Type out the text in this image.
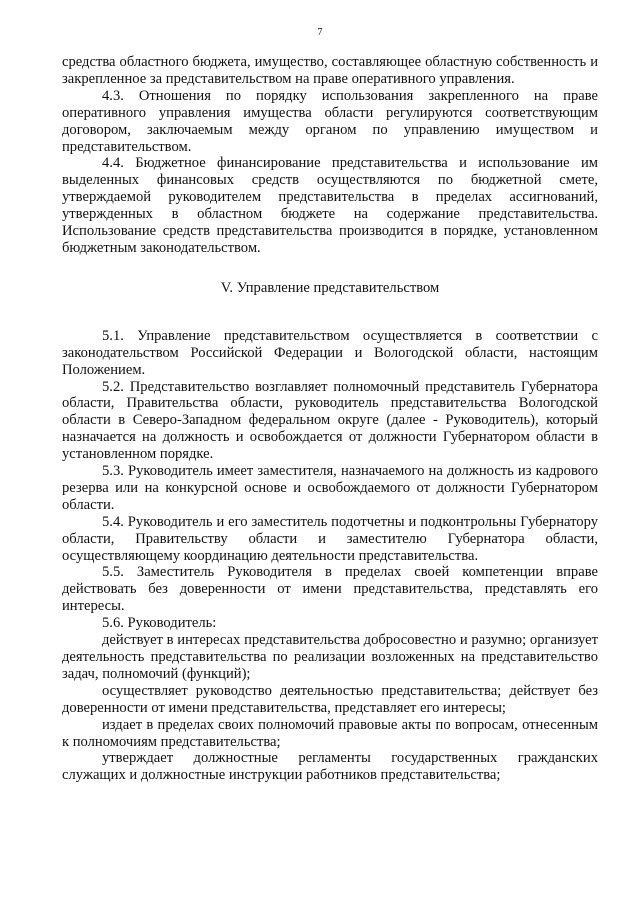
7

средства областного бюджета, имущество, составляющее областную собственность и закрепленное за представительством на праве оперативного управления.

4.3. Отношения по порядку использования закрепленного на праве оперативного управления имущества области регулируются соответствующим договором, заключаемым между органом по управлению имуществом и представительством.

4.4. Бюджетное финансирование представительства и использование им выделенных финансовых средств осуществляются по бюджетной смете, утверждаемой руководителем представительства в пределах ассигнований, утвержденных в областном бюджете на содержание представительства. Использование средств представительства производится в порядке, установленном бюджетным законодательством.

V. Управление представительством

5.1. Управление представительством осуществляется в соответствии с законодательством Российской Федерации и Вологодской области, настоящим Положением.

5.2. Представительство возглавляет полномочный представитель Губернатора области, Правительства области, руководитель представительства Вологодской области в Северо-Западном федеральном округе (далее - Руководитель), который назначается на должность и освобождается от должности Губернатором области в установленном порядке.

5.3. Руководитель имеет заместителя, назначаемого на должность из кадрового резерва или на конкурсной основе и освобождаемого от должности Губернатором области.

5.4. Руководитель и его заместитель подотчетны и подконтрольны Губернатору области, Правительству области и заместителю Губернатора области, осуществляющему координацию деятельности представительства.

5.5. Заместитель Руководителя в пределах своей компетенции вправе действовать без доверенности от имени представительства, представлять его интересы.

5.6. Руководитель:

действует в интересах представительства добросовестно и разумно; организует деятельность представительства по реализации возложенных на представительство задач, полномочий (функций);

осуществляет руководство деятельностью представительства; действует без доверенности от имени представительства, представляет его интересы;

издает в пределах своих полномочий правовые акты по вопросам, отнесенным к полномочиям представительства;

утверждает должностные регламенты государственных гражданских служащих и должностные инструкции работников представительства;
